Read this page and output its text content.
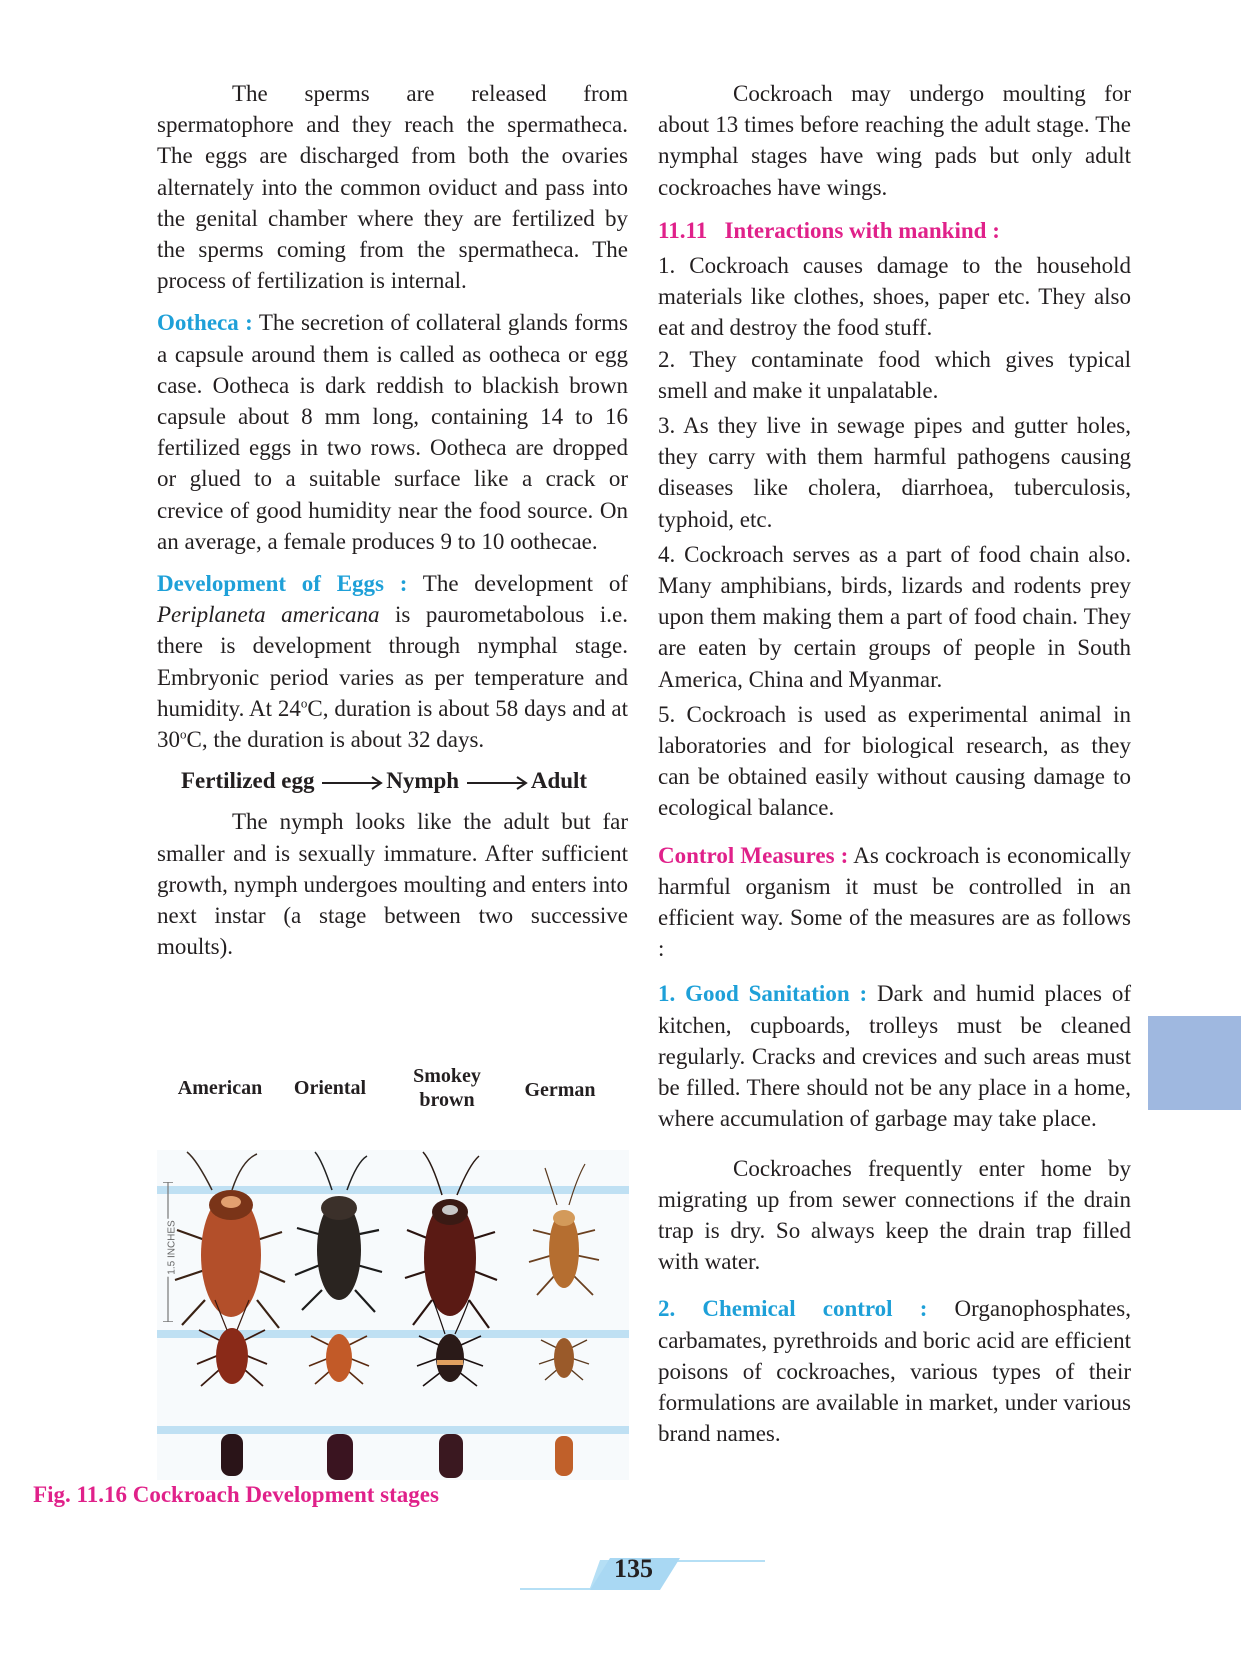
The sperms are released from spermatophore and they reach the spermatheca. The eggs are discharged from both the ovaries alternately into the common oviduct and pass into the genital chamber where they are fertilized by the sperms coming from the spermatheca. The process of fertilization is internal.

Ootheca : The secretion of collateral glands forms a capsule around them is called as ootheca or egg case. Ootheca is dark reddish to blackish brown capsule about 8 mm long, containing 14 to 16 fertilized eggs in two rows. Ootheca are dropped or glued to a suitable surface like a crack or crevice of good humidity near the food source. On an average, a female produces 9 to 10 oothecae.

Development of Eggs : The development of Periplaneta americana is paurometabolous i.e. there is development through nymphal stage. Embryonic period varies as per temperature and humidity. At 24$^o$C, duration is about 58 days and at 30$^o$C, the duration is about 32 days.

Fertilized egg	Nymph	Adult

The nymph looks like the adult but far smaller and is sexually immature. After sufficient growth, nymph undergoes moulting and enters into next instar (a stage between two successive moults).

American	Oriental
Smokey brown	German
1.5 INCHES
Fig. 11.16 Cockroach Development stages

Cockroach may undergo moulting for about 13 times before reaching the adult stage. The nymphal stages have wing pads but only adult cockroaches have wings.

11.11   Interactions with mankind :

1. Cockroach causes damage to the household materials like clothes, shoes, paper etc. They also eat and destroy the food stuff.

2. They contaminate food which gives typical smell and make it unpalatable.

3. As they live in sewage pipes and gutter holes, they carry with them harmful pathogens causing diseases like cholera, diarrhoea, tuberculosis, typhoid, etc.

4. Cockroach serves as a part of food chain also. Many amphibians, birds, lizards and rodents prey upon them making them a part of food chain. They are eaten by certain groups of people in South America, China and Myanmar.

5. Cockroach is used as experimental animal in laboratories and for biological research, as they can be obtained easily without causing damage to ecological balance.

Control Measures : As cockroach is economically harmful organism it must be controlled in an efficient way. Some of the measures are as follows :

1. Good Sanitation : Dark and humid places of kitchen, cupboards, trolleys must be cleaned regularly. Cracks and crevices and such areas must be filled. There should not be any place in a home, where accumulation of garbage may take place.

Cockroaches frequently enter home by migrating up from sewer connections if the drain trap is dry. So always keep the drain trap filled with water.

2. Chemical control : Organophosphates, carbamates, pyrethroids and boric acid are efficient poisons of cockroaches, various types of their formulations are available in market, under various brand names.

135
